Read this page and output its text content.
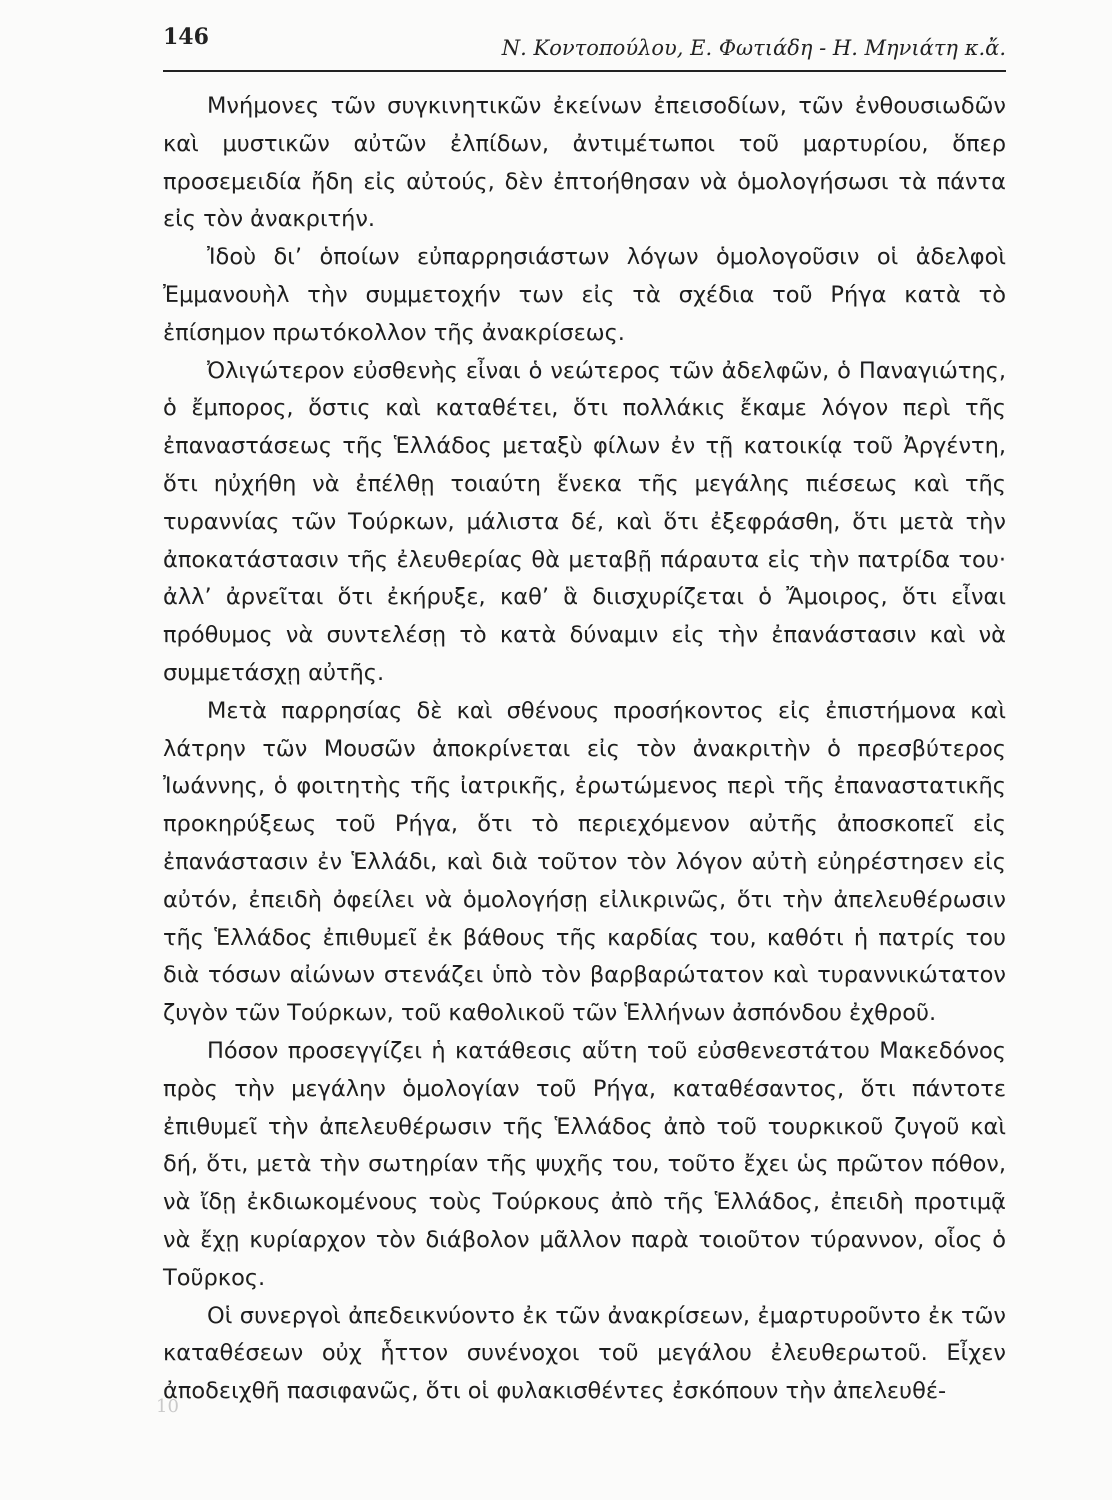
146	Ν. Κοντοπούλου, Ε. Φωτιάδη - Η. Μηνιάτη κ.ἄ.

Μνήμονες τῶν συγκινητικῶν ἐκείνων ἐπεισοδίων, τῶν ἐνθουσιωδῶν καὶ μυστικῶν αὐτῶν ἐλπίδων, ἀντιμέτωποι τοῦ μαρτυρίου, ὅπερ προσεμειδία ἤδη εἰς αὐτούς, δὲν ἐπτοήθησαν νὰ ὁμολογήσωσι τὰ πάντα εἰς τὸν ἀνακριτήν.

Ἰδοὺ δι’ ὁποίων εὐπαρρησιάστων λόγων ὁμολογοῦσιν οἱ ἀδελφοὶ Ἐμμανουὴλ τὴν συμμετοχήν των εἰς τὰ σχέδια τοῦ Ρήγα κατὰ τὸ ἐπίσημον πρωτόκολλον τῆς ἀνακρίσεως.

Ὀλιγώτερον εὐσθενὴς εἶναι ὁ νεώτερος τῶν ἀδελφῶν, ὁ Παναγιώτης, ὁ ἔμπορος, ὅστις καὶ καταθέτει, ὅτι πολλάκις ἔκαμε λόγον περὶ τῆς ἐπαναστάσεως τῆς Ἑλλάδος μεταξὺ φίλων ἐν τῇ κατοικίᾳ τοῦ Ἀργέντη, ὅτι ηὐχήθη νὰ ἐπέλθῃ τοιαύτη ἕνεκα τῆς μεγάλης πιέσεως καὶ τῆς τυραννίας τῶν Τούρκων, μάλιστα δέ, καὶ ὅτι ἐξεφράσθη, ὅτι μετὰ τὴν ἀποκατάστασιν τῆς ἐλευθερίας θὰ μεταβῇ πάραυτα εἰς τὴν πατρίδα του· ἀλλ’ ἀρνεῖται ὅτι ἐκήρυξε, καθ’ ἃ διισχυρίζεται ὁ Ἄμοιρος, ὅτι εἶναι πρόθυμος νὰ συντελέσῃ τὸ κατὰ δύναμιν εἰς τὴν ἐπανάστασιν καὶ νὰ συμμετάσχῃ αὐτῆς.

Μετὰ παρρησίας δὲ καὶ σθένους προσήκοντος εἰς ἐπιστήμονα καὶ λάτρην τῶν Μουσῶν ἀποκρίνεται εἰς τὸν ἀνακριτὴν ὁ πρεσβύτερος Ἰωάννης, ὁ φοιτητὴς τῆς ἰατρικῆς, ἐρωτώμενος περὶ τῆς ἐπαναστατικῆς προκηρύξεως τοῦ Ρήγα, ὅτι τὸ περιεχόμενον αὐτῆς ἀποσκοπεῖ εἰς ἐπανάστασιν ἐν Ἑλλάδι, καὶ διὰ τοῦτον τὸν λόγον αὐτὴ εὐηρέστησεν εἰς αὐτόν, ἐπειδὴ ὀφείλει νὰ ὁμολογήσῃ εἰλικρινῶς, ὅτι τὴν ἀπελευθέρωσιν τῆς Ἑλλάδος ἐπιθυμεῖ ἐκ βάθους τῆς καρδίας του, καθότι ἡ πατρίς του διὰ τόσων αἰώνων στενάζει ὑπὸ τὸν βαρβαρώτατον καὶ τυραννικώτατον ζυγὸν τῶν Τούρκων, τοῦ καθολικοῦ τῶν Ἑλλήνων ἀσπόνδου ἐχθροῦ.

Πόσον προσεγγίζει ἡ κατάθεσις αὕτη τοῦ εὐσθενεστάτου Μακεδόνος πρὸς τὴν μεγάλην ὁμολογίαν τοῦ Ρήγα, καταθέσαντος, ὅτι πάντοτε ἐπιθυμεῖ τὴν ἀπελευθέρωσιν τῆς Ἑλλάδος ἀπὸ τοῦ τουρκικοῦ ζυγοῦ καὶ δή, ὅτι, μετὰ τὴν σωτηρίαν τῆς ψυχῆς του, τοῦτο ἔχει ὡς πρῶτον πόθον, νὰ ἴδῃ ἐκδιωκομένους τοὺς Τούρκους ἀπὸ τῆς Ἑλλάδος, ἐπειδὴ προτιμᾷ νὰ ἔχῃ κυρίαρχον τὸν διάβολον μᾶλλον παρὰ τοιοῦτον τύραννον, οἷος ὁ Τοῦρκος.

Οἱ συνεργοὶ ἀπεδεικνύοντο ἐκ τῶν ἀνακρίσεων, ἐμαρτυροῦντο ἐκ τῶν καταθέσεων οὐχ ἧττον συνένοχοι τοῦ μεγάλου ἐλευθερωτοῦ. Εἶχεν ἀποδειχθῆ πασιφανῶς, ὅτι οἱ φυλακισθέντες ἐσκόπουν τὴν ἀπελευθέ-

10
